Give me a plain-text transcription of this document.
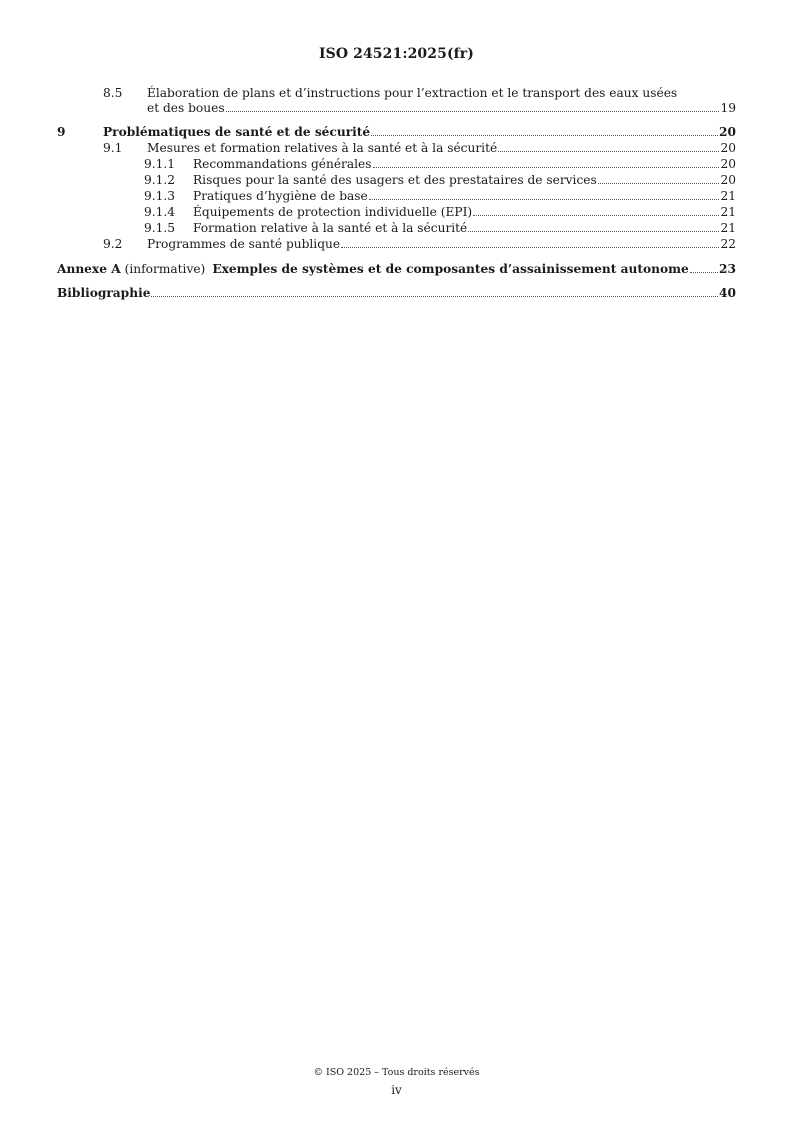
ISO 24521:2025(fr)
8.5 Élaboration de plans et d’instructions pour l’extraction et le transport des eaux usées
et des boues	19
9	Problématiques de santé et de sécurité	20
9.1 Mesures et formation relatives à la santé et à la sécurité	20
9.1.1 Recommandations générales	20
9.1.2 Risques pour la santé des usagers et des prestataires de services	20
9.1.3 Pratiques d’hygiène de base	21
9.1.4 Équipements de protection individuelle (EPI)	21
9.1.5 Formation relative à la santé et à la sécurité	21
9.2 Programmes de santé publique	22
Annexe A (informative) Exemples de systèmes et de composantes d’assainissement autonome 23
Bibliographie	40
© ISO 2025 – Tous droits réservés
iv
